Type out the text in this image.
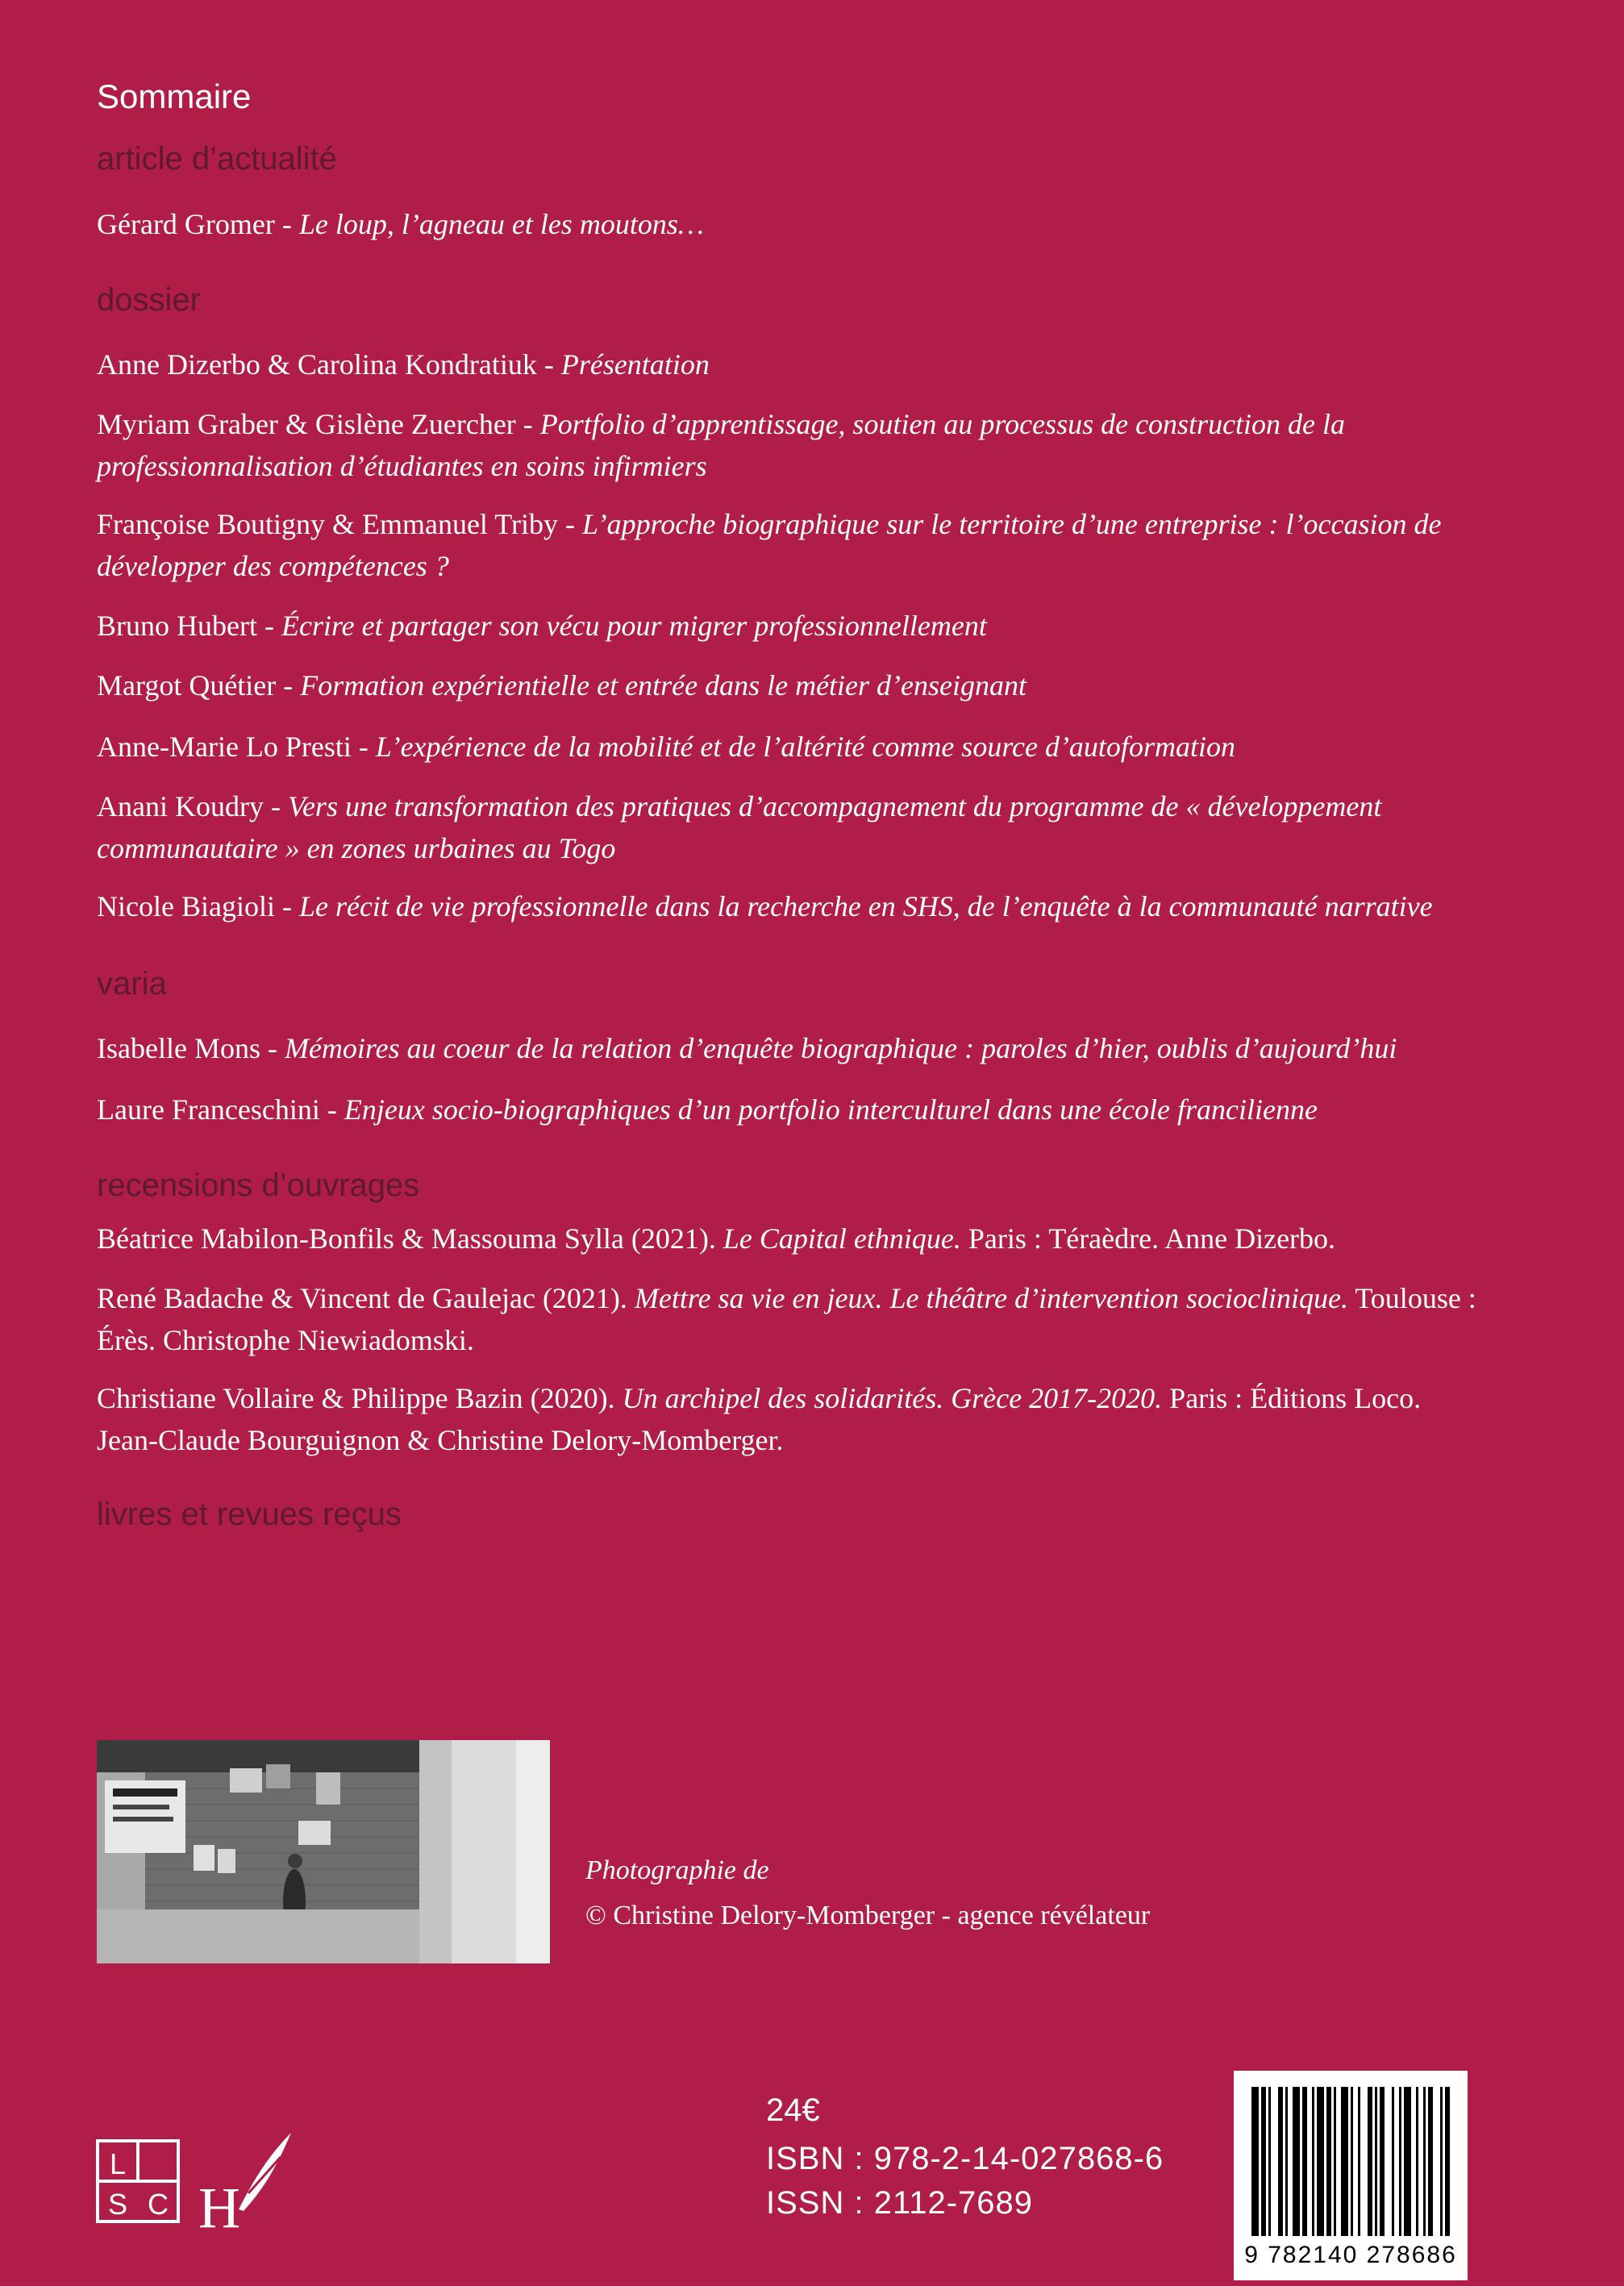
Sommaire
article d’actualité
Gérard Gromer - Le loup, l’agneau et les moutons…
dossier
Anne Dizerbo & Carolina Kondratiuk - Présentation
Myriam Graber & Gislène Zuercher - Portfolio d’apprentissage, soutien au processus de construction de la professionnalisation d’étudiantes en soins infirmiers
Françoise Boutigny & Emmanuel Triby - L’approche biographique sur le territoire d’une entreprise : l’occasion de développer des compétences ?
Bruno Hubert - Écrire et partager son vécu pour migrer professionnellement
Margot Quétier - Formation expérientielle et entrée dans le métier d’enseignant
Anne-Marie Lo Presti - L’expérience de la mobilité et de l’altérité comme source d’autoformation
Anani Koudry - Vers une transformation des pratiques d’accompagnement du programme de « développement communautaire » en zones urbaines au Togo
Nicole Biagioli - Le récit de vie professionnelle dans la recherche en SHS, de l’enquête à la communauté narrative
varia
Isabelle Mons - Mémoires au coeur de la relation d’enquête biographique : paroles d’hier, oublis d’aujourd’hui
Laure Franceschini - Enjeux socio-biographiques d’un portfolio interculturel dans une école francilienne
recensions d’ouvrages
Béatrice Mabilon-Bonfils & Massouma Sylla (2021). Le Capital ethnique. Paris : Téraèdre. Anne Dizerbo.
René Badache & Vincent de Gaulejac (2021). Mettre sa vie en jeux. Le théâtre d’intervention socioclinique. Toulouse : Érès. Christophe Niewiadomski.
Christiane Vollaire & Philippe Bazin (2020). Un archipel des solidarités. Grèce 2017-2020. Paris : Éditions Loco. Jean-Claude Bourguignon & Christine Delory-Momberger.
livres et revues reçus
Photographie de
© Christine Delory-Momberger - agence révélateur
L
S C H
24€
ISBN : 978-2-14-027868-6
ISSN : 2112-7689
9 782140 278686
